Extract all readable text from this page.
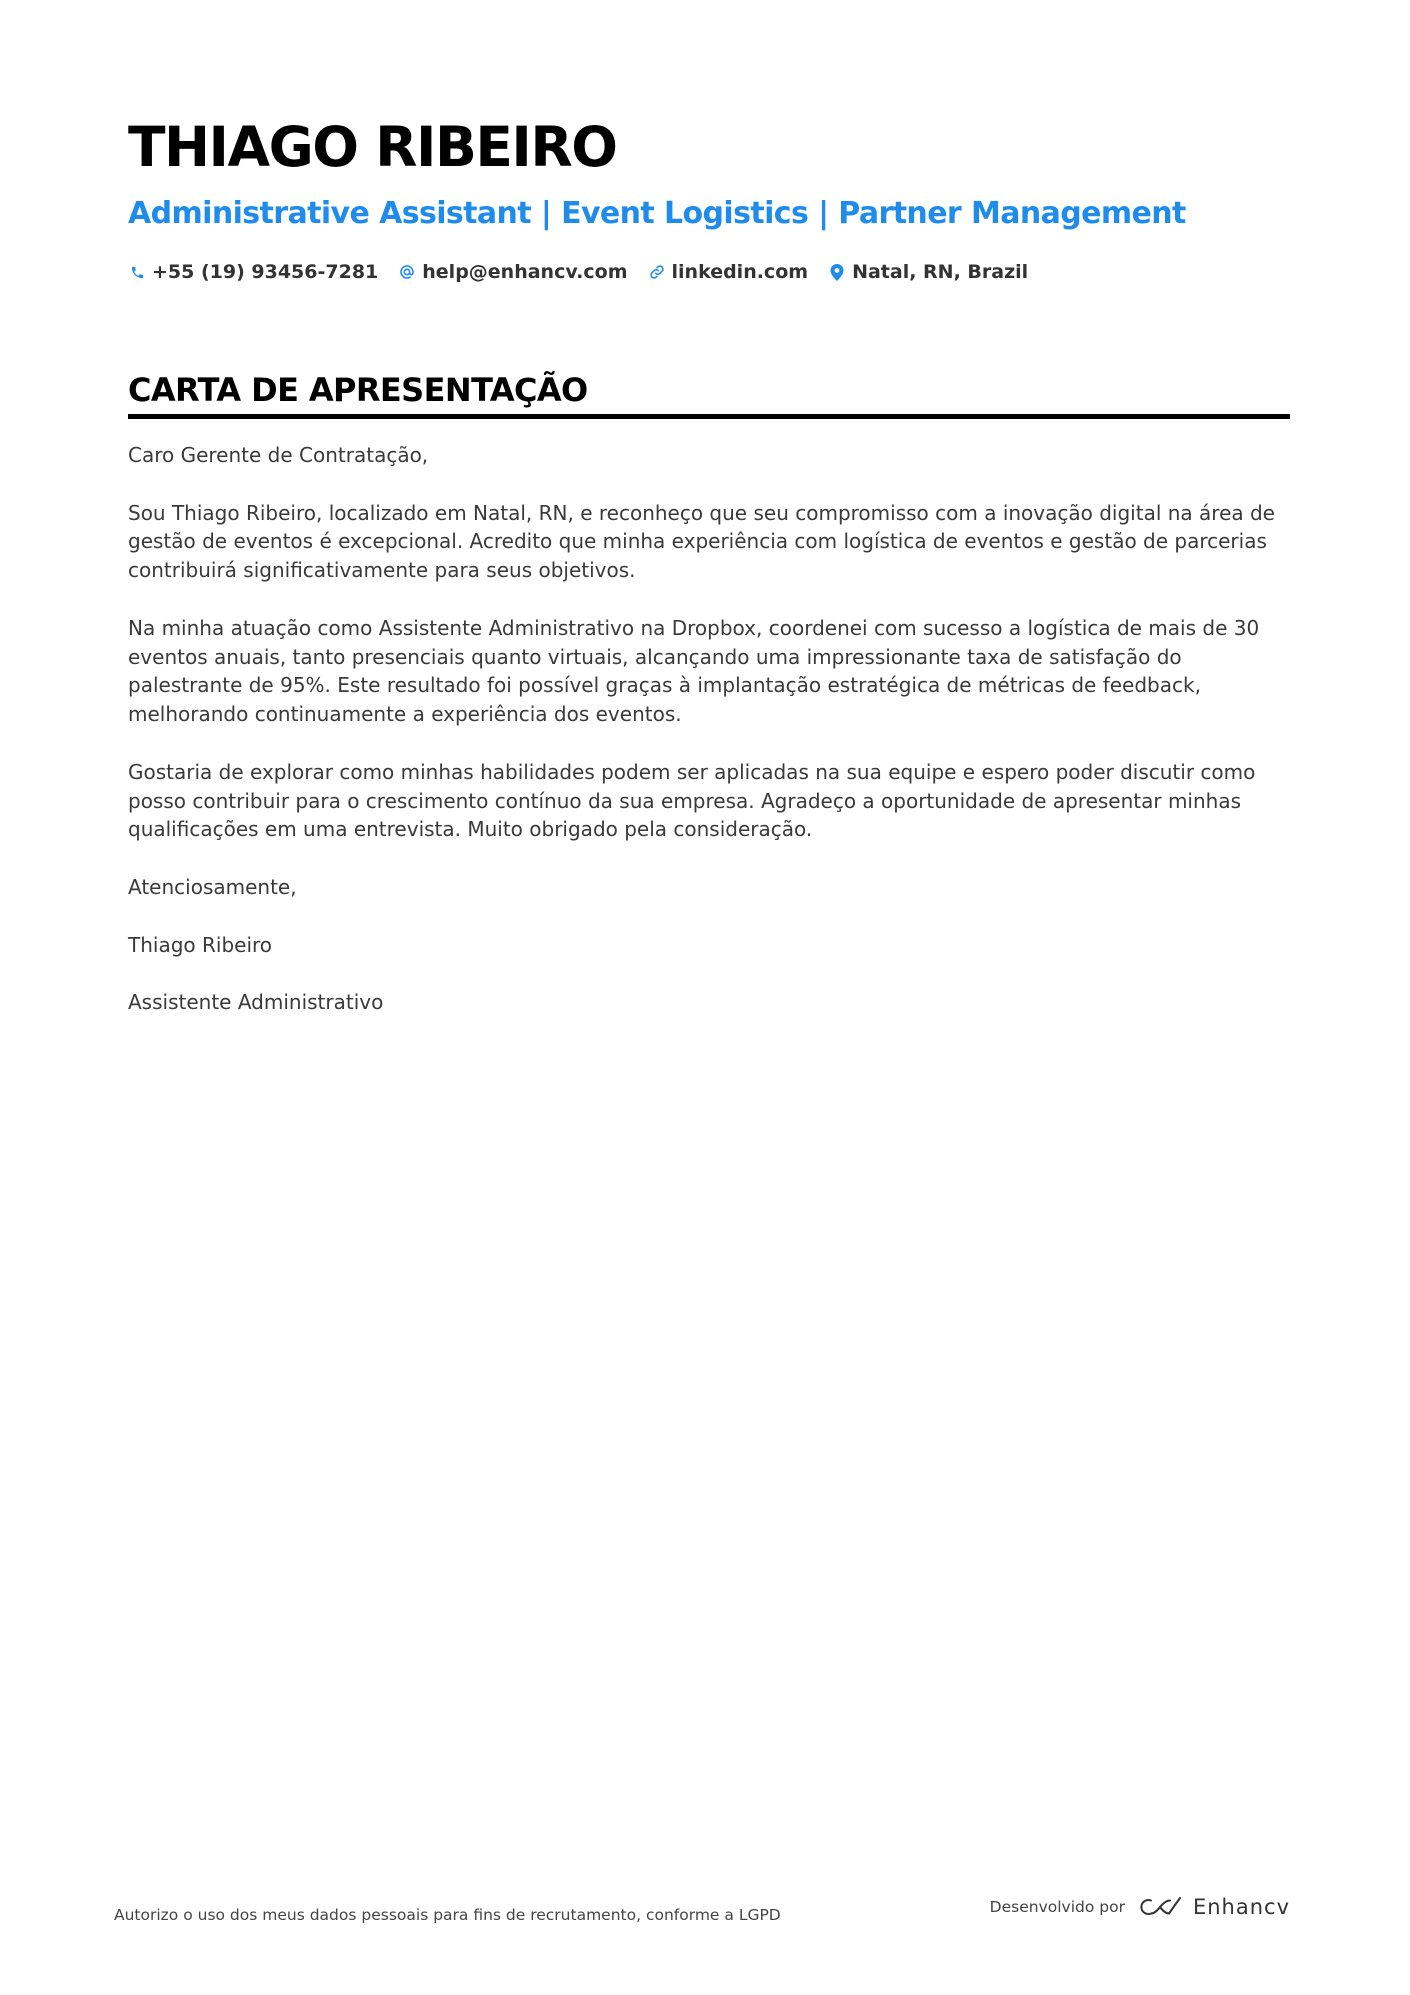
THIAGO RIBEIRO
Administrative Assistant | Event Logistics | Partner Management
+55 (19) 93456-7281 help@enhancv.com linkedin.com Natal, RN, Brazil
CARTA DE APRESENTAÇÃO

Caro Gerente de Contratação,

Sou Thiago Ribeiro, localizado em Natal, RN, e reconheço que seu compromisso com a inovação digital na área de gestão de eventos é excepcional. Acredito que minha experiência com logística de eventos e gestão de parcerias contribuirá significativamente para seus objetivos.

Na minha atuação como Assistente Administrativo na Dropbox, coordenei com sucesso a logística de mais de 30 eventos anuais, tanto presenciais quanto virtuais, alcançando uma impressionante taxa de satisfação do palestrante de 95%. Este resultado foi possível graças à implantação estratégica de métricas de feedback, melhorando continuamente a experiência dos eventos.

Gostaria de explorar como minhas habilidades podem ser aplicadas na sua equipe e espero poder discutir como posso contribuir para o crescimento contínuo da sua empresa. Agradeço a oportunidade de apresentar minhas qualificações em uma entrevista. Muito obrigado pela consideração.

Atenciosamente,

Thiago Ribeiro

Assistente Administrativo

Autorizo o uso dos meus dados pessoais para fins de recrutamento, conforme a LGPD	Desenvolvido por	Enhancv
